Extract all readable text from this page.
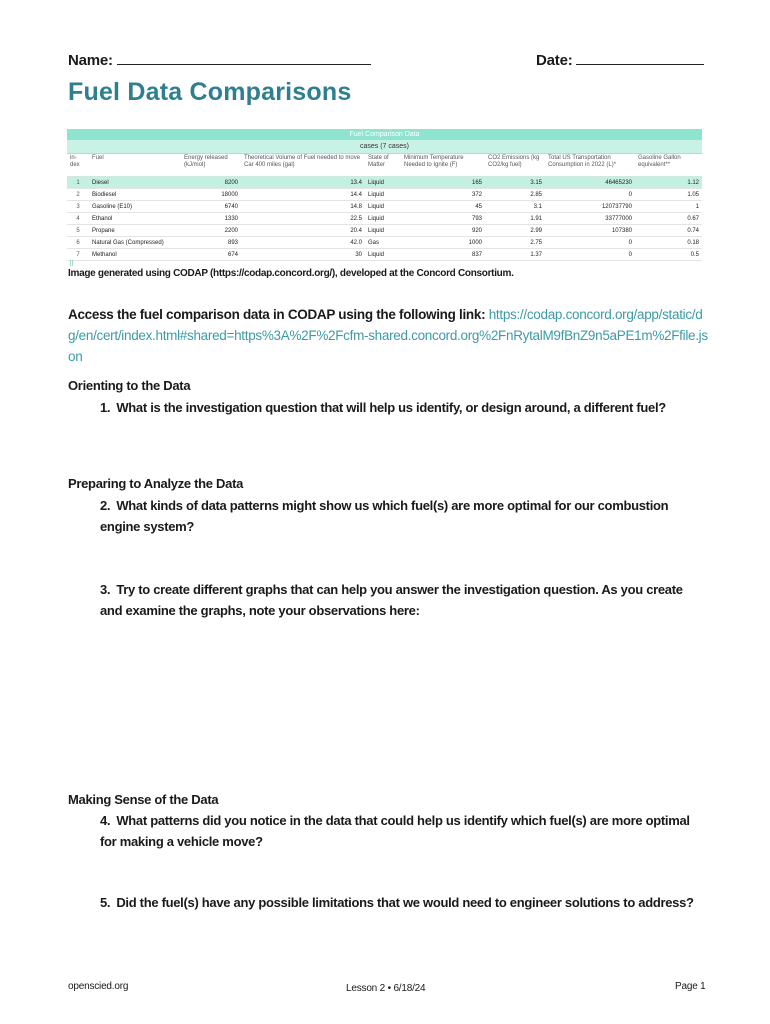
Name:	Date:
Fuel Data Comparisons
Fuel Comparison Data
cases (7 cases)
in-dex	Fuel	Energy released (kJ/mol)	Theoretical Volume of Fuel needed to move Car 400 miles (gal)	State of Matter	Minimum Temperature Needed to Ignite (F)	CO2 Emissions (kg CO2/kg fuel)	Total US Transportation Consumption in 2022 (L)*	Gasoline Gallon equivalent**
1	Diesel	8200	13.4	Liquid	165	3.15	46465230	1.12
2	Biodiesel	18000	14.4	Liquid	372	2.85	0	1.05
3	Gasoline (E10)	6740	14.8	Liquid	45	3.1	120737790	1
4	Ethanol	1330	22.5	Liquid	793	1.91	33777000	0.67
5	Propane	2200	20.4	Liquid	920	2.99	107380	0.74
6	Natural Gas (Compressed)	893	42.0	Gas	1000	2.75	0	0.18
7	Methanol	674	30	Liquid	837	1.37	0	0.5
⠿
Image generated using CODAP (https://codap.concord.org/), developed at the Concord Consortium.
Access the fuel comparison data in CODAP using the following link: https://codap.concord.org/app/static/dg/en/cert/index.html#shared=https%3A%2F%2Fcfm-shared.concord.org%2FnRytalM9fBnZ9n5aPE1m%2Ffile.json
Orienting to the Data
1. What is the investigation question that will help us identify, or design around, a different fuel?
Preparing to Analyze the Data
2. What kinds of data patterns might show us which fuel(s) are more optimal for our combustion engine system?
3. Try to create different graphs that can help you answer the investigation question. As you create and examine the graphs, note your observations here:
Making Sense of the Data
4. What patterns did you notice in the data that could help us identify which fuel(s) are more optimal for making a vehicle move?
5. Did the fuel(s) have any possible limitations that we would need to engineer solutions to address?
openscied.org	Lesson 2 • 6/18/24	Page 1
